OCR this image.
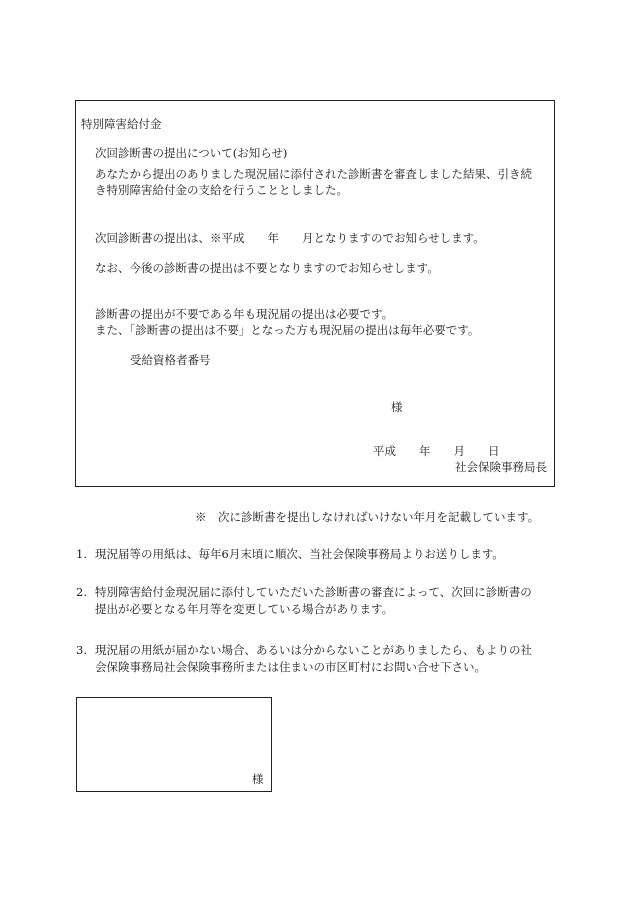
特別障害給付金
次回診断書の提出について(お知らせ)
あなたから提出のありました現況届に添付された診断書を審査しました結果、引き続
き特別障害給付金の支給を行うこととしました。
次回診断書の提出は、※平成　　年　　月となりますのでお知らせします。
なお、今後の診断書の提出は不要となりますのでお知らせします。
診断書の提出が不要である年も現況届の提出は必要です。
また、「診断書の提出は不要」となった方も現況届の提出は毎年必要です。
受給資格者番号
様
平成　　年　　月　　日
社会保険事務局長
※　次に診断書を提出しなければいけない年月を記載しています。
1. 現況届等の用紙は、毎年6月末頃に順次、当社会保険事務局よりお送りします。
2. 特別障害給付金現況届に添付していただいた診断書の審査によって、次回に診断書の
提出が必要となる年月等を変更している場合があります。
3. 現況届の用紙が届かない場合、あるいは分からないことがありましたら、もよりの社
会保険事務局社会保険事務所または住まいの市区町村にお問い合せ下さい。
様
